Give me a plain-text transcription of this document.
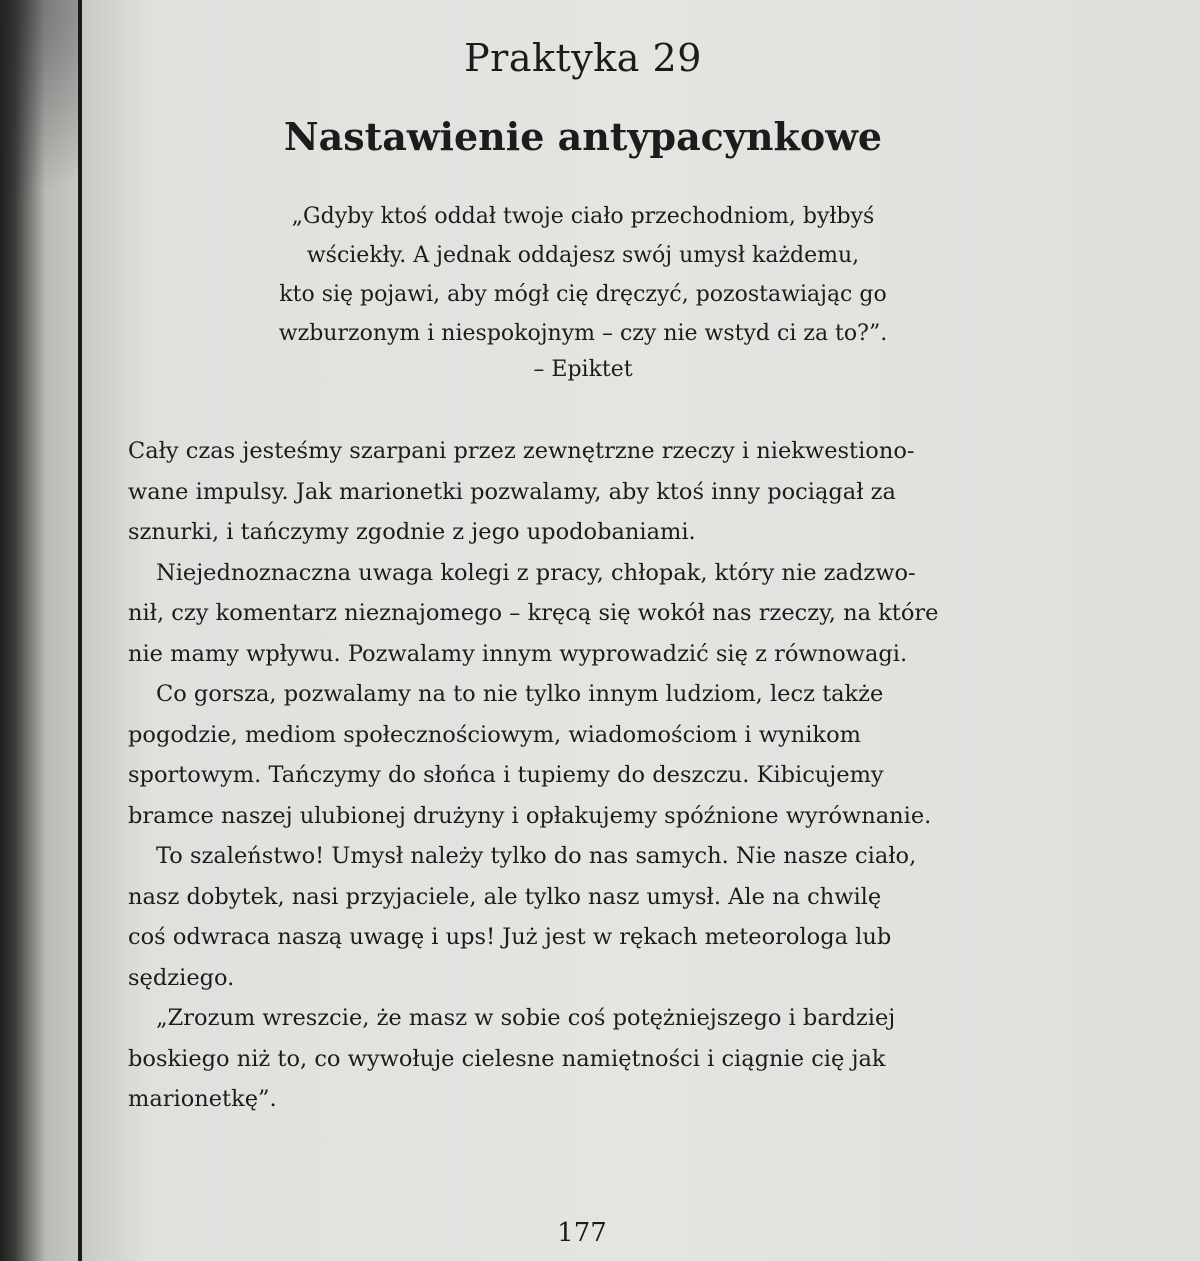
Praktyka 29
Nastawienie antypacynkowe
„Gdyby ktoś oddał twoje ciało przechodniom, byłbyś
wściekły. A jednak oddajesz swój umysł każdemu,
kto się pojawi, aby mógł cię dręczyć, pozostawiając go
wzburzonym i niespokojnym – czy nie wstyd ci za to?”.
– Epiktet
Cały czas jesteśmy szarpani przez zewnętrzne rzeczy i niekwestiono-
wane impulsy. Jak marionetki pozwalamy, aby ktoś inny pociągał za
sznurki, i tańczymy zgodnie z jego upodobaniami.
Niejednoznaczna uwaga kolegi z pracy, chłopak, który nie zadzwo-
nił, czy komentarz nieznajomego – kręcą się wokół nas rzeczy, na które
nie mamy wpływu. Pozwalamy innym wyprowadzić się z równowagi.
Co gorsza, pozwalamy na to nie tylko innym ludziom, lecz także
pogodzie, mediom społecznościowym, wiadomościom i wynikom
sportowym. Tańczymy do słońca i tupiemy do deszczu. Kibicujemy
bramce naszej ulubionej drużyny i opłakujemy spóźnione wyrównanie.
To szaleństwo! Umysł należy tylko do nas samych. Nie nasze ciało,
nasz dobytek, nasi przyjaciele, ale tylko nasz umysł. Ale na chwilę
coś odwraca naszą uwagę i ups! Już jest w rękach meteorologa lub
sędziego.
„Zrozum wreszcie, że masz w sobie coś potężniejszego i bardziej
boskiego niż to, co wywołuje cielesne namiętności i ciągnie cię jak
marionetkę”.
177
